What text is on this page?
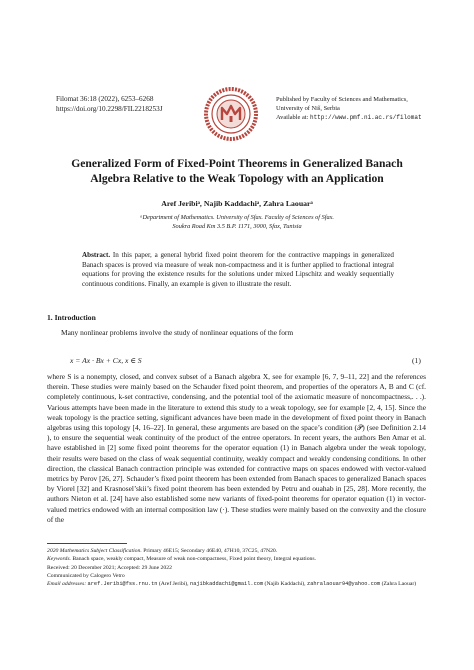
Filomat 36:18 (2022), 6253–6268
https://doi.org/10.2298/FIL2218253J
Published by Faculty of Sciences and Mathematics,
University of Niš, Serbia
Available at: http://www.pmf.ni.ac.rs/filomat
Generalized Form of Fixed-Point Theorems in Generalized Banach
Algebra Relative to the Weak Topology with an Application
Aref Jeribiᵃ, Najib Kaddachiᵃ, Zahra Laouarᵃ
ᵃDepartment of Mathematics. University of Sfax. Faculty of Sciences of Sfax.
Soukra Road Km 3.5 B.P. 1171, 3000, Sfax, Tunisia
Abstract. In this paper, a general hybrid fixed point theorem for the contractive mappings in generalized Banach spaces is proved via measure of weak non-compactness and it is further applied to fractional integral equations for proving the existence results for the solutions under mixed Lipschitz and weakly sequentially continuous conditions. Finally, an example is given to illustrate the result.
1. Introduction
Many nonlinear problems involve the study of nonlinear equations of the form
x = Ax · Bx + Cx, x ∈ S	(1)
where S is a nonempty, closed, and convex subset of a Banach algebra X, see for example [6, 7, 9–11, 22] and the references therein. These studies were mainly based on the Schauder fixed point theorem, and properties of the operators A, B and C (cf. completely continuous, k-set contractive, condensing, and the potential tool of the axiomatic measure of noncompactness,. . .). Various attempts have been made in the literature to extend this study to a weak topology, see for example [2, 4, 15]. Since the weak topology is the practice setting, significant advances have been made in the development of fixed point theory in Banach algebras using this topology [4, 16–22]. In general, these arguments are based on the space’s condition (𝒫) (see Definition 2.14 ), to ensure the sequential weak continuity of the product of the entree operators. In recent years, the authors Ben Amar et al. have established in [2] some fixed point theorems for the operator equation (1) in Banach algebra under the weak topology, their results were based on the class of weak sequential continuity, weakly compact and weakly condensing conditions. In other direction, the classical Banach contraction principle was extended for contractive maps on spaces endowed with vector-valued metrics by Perov [26, 27]. Schauder’s fixed point theorem has been extended from Banach spaces to generalized Banach spaces by Viorel [32] and Krasnosel’skii’s fixed point theorem has been extended by Petru and ouahab in [25, 28]. More recently, the authors Nieton et al. [24] have also established some new variants of fixed-point theorems for operator equation (1) in vector-valued metrics endowed with an internal composition law (·). These studies were mainly based on the convexity and the closure of the
2020 Mathematics Subject Classification. Primary 46E15; Secondary 46E40, 47H10, 37C25, 47N20.
Keywords. Banach space, weakly compact, Measure of weak non-compactness, Fixed point theory, Integral equations.
Received: 20 December 2021; Accepted: 29 June 2022
Communicated by Calogero Vetro
Email addresses: aref.Jeribi@fss.rnu.tn (Aref Jeribi), najibkaddachi@gmail.com (Najib Kaddachi), zahralaouar94@yahoo.com (Zahra Laouar)
